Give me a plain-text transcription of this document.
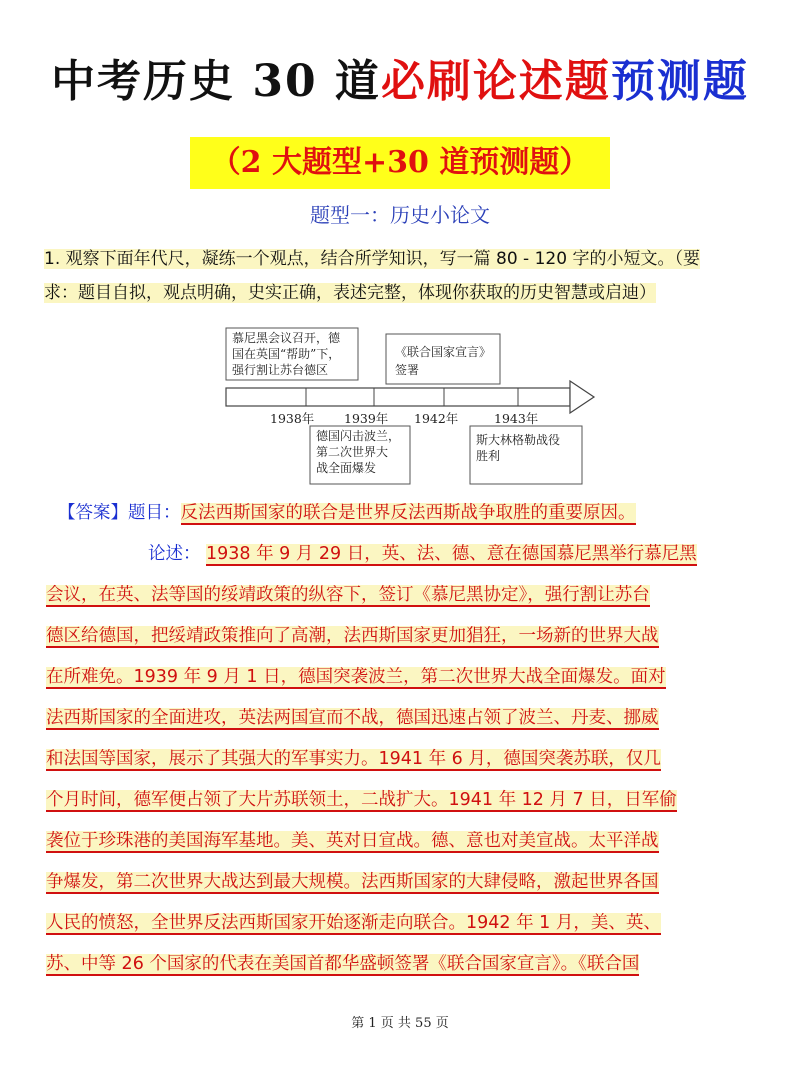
中考历史 30 道必刷论述题预测题
（2 大题型+30 道预测题）
题型一：历史小论文
1. 观察下面年代尺，凝练一个观点，结合所学知识，写一篇 80 - 120 字的小短文。（要
求：题目自拟，观点明确，史实正确，表述完整，体现你获取的历史智慧或启迪）
慕尼黑会议召开，德
国在英国“帮助”下，
强行割让苏台德区
《联合国家宣言》
签署
1938年 1939年 1942年	1943年
德国闪击波兰，
第二次世界大
战全面爆发
斯大林格勒战役
胜利
【答案】题目：反法西斯国家的联合是世界反法西斯战争取胜的重要原因。
论述： 1938 年 9 月 29 日，英、法、德、意在德国慕尼黑举行慕尼黑
会议，在英、法等国的绥靖政策的纵容下，签订《慕尼黑协定》，强行割让苏台
德区给德国，把绥靖政策推向了高潮，法西斯国家更加猖狂，一场新的世界大战
在所难免。1939 年 9 月 1 日，德国突袭波兰，第二次世界大战全面爆发。面对
法西斯国家的全面进攻，英法两国宣而不战，德国迅速占领了波兰、丹麦、挪威
和法国等国家，展示了其强大的军事实力。1941 年 6 月，德国突袭苏联，仅几
个月时间，德军便占领了大片苏联领土，二战扩大。1941 年 12 月 7 日，日军偷
袭位于珍珠港的美国海军基地。美、英对日宣战。德、意也对美宣战。太平洋战
争爆发，第二次世界大战达到最大规模。法西斯国家的大肆侵略，激起世界各国
人民的愤怒，全世界反法西斯国家开始逐渐走向联合。1942 年 1 月，美、英、
苏、中等 26 个国家的代表在美国首都华盛顿签署《联合国家宣言》。《联合国
第 1 页 共 55 页
